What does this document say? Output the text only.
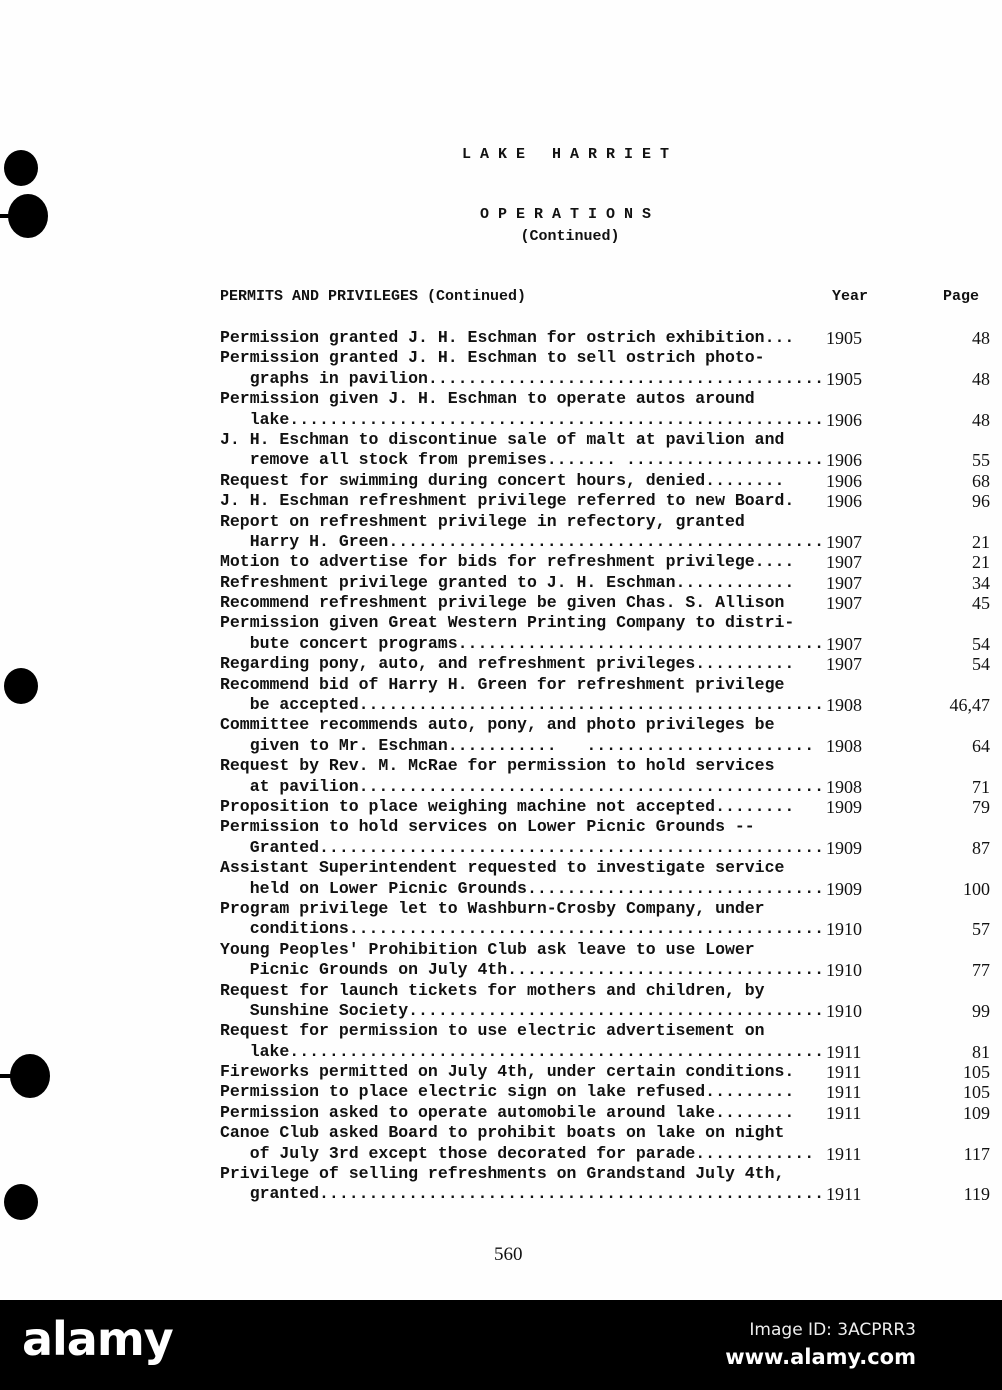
LAKE HARRIET
OPERATIONS
(Continued)
PERMITS AND PRIVILEGES (Continued)	Year	Page
Permission granted J. H. Eschman for ostrich exhibition...	1905	48
Permission granted J. H. Eschman to sell ostrich photo-
graphs in pavilion........................................ 1905	48
Permission given J. H. Eschman to operate autos around
lake...................................................... 1906	48
J. H. Eschman to discontinue sale of malt at pavilion and
remove all stock from premises....... .................... 1906	55
Request for swimming during concert hours, denied........	1906	68
J. H. Eschman refreshment privilege referred to new Board.	1906	96
Report on refreshment privilege in refectory, granted
Harry H. Green............................................ 1907	21
Motion to advertise for bids for refreshment privilege....	1907	21
Refreshment privilege granted to J. H. Eschman............	1907	34
Recommend refreshment privilege be given Chas. S. Allison	1907	45
Permission given Great Western Printing Company to distri-
bute concert programs..................................... 1907	54
Regarding pony, auto, and refreshment privileges..........	1907	54
Recommend bid of Harry H. Green for refreshment privilege
be accepted............................................... 1908	46,47
Committee recommends auto, pony, and photo privileges be
given to Mr. Eschman...........   ....................... 1908	64
Request by Rev. M. McRae for permission to hold services
at pavilion............................................... 1908	71
Proposition to place weighing machine not accepted........	1909	79
Permission to hold services on Lower Picnic Grounds --
Granted................................................... 1909	87
Assistant Superintendent requested to investigate service
held on Lower Picnic Grounds.............................. 1909	100
Program privilege let to Washburn-Crosby Company, under
conditions................................................ 1910	57
Young Peoples' Prohibition Club ask leave to use Lower
Picnic Grounds on July 4th................................ 1910	77
Request for launch tickets for mothers and children, by
Sunshine Society.......................................... 1910	99
Request for permission to use electric advertisement on
lake...................................................... 1911	81
Fireworks permitted on July 4th, under certain conditions.	1911	105
Permission to place electric sign on lake refused.........	1911	105
Permission asked to operate automobile around lake........	1911	109
Canoe Club asked Board to prohibit boats on lake on night
of July 3rd except those decorated for parade............ 1911	117
Privilege of selling refreshments on Grandstand July 4th,
granted................................................... 1911	119
560
alamy	Image ID: 3ACPRR3
www.alamy.com
